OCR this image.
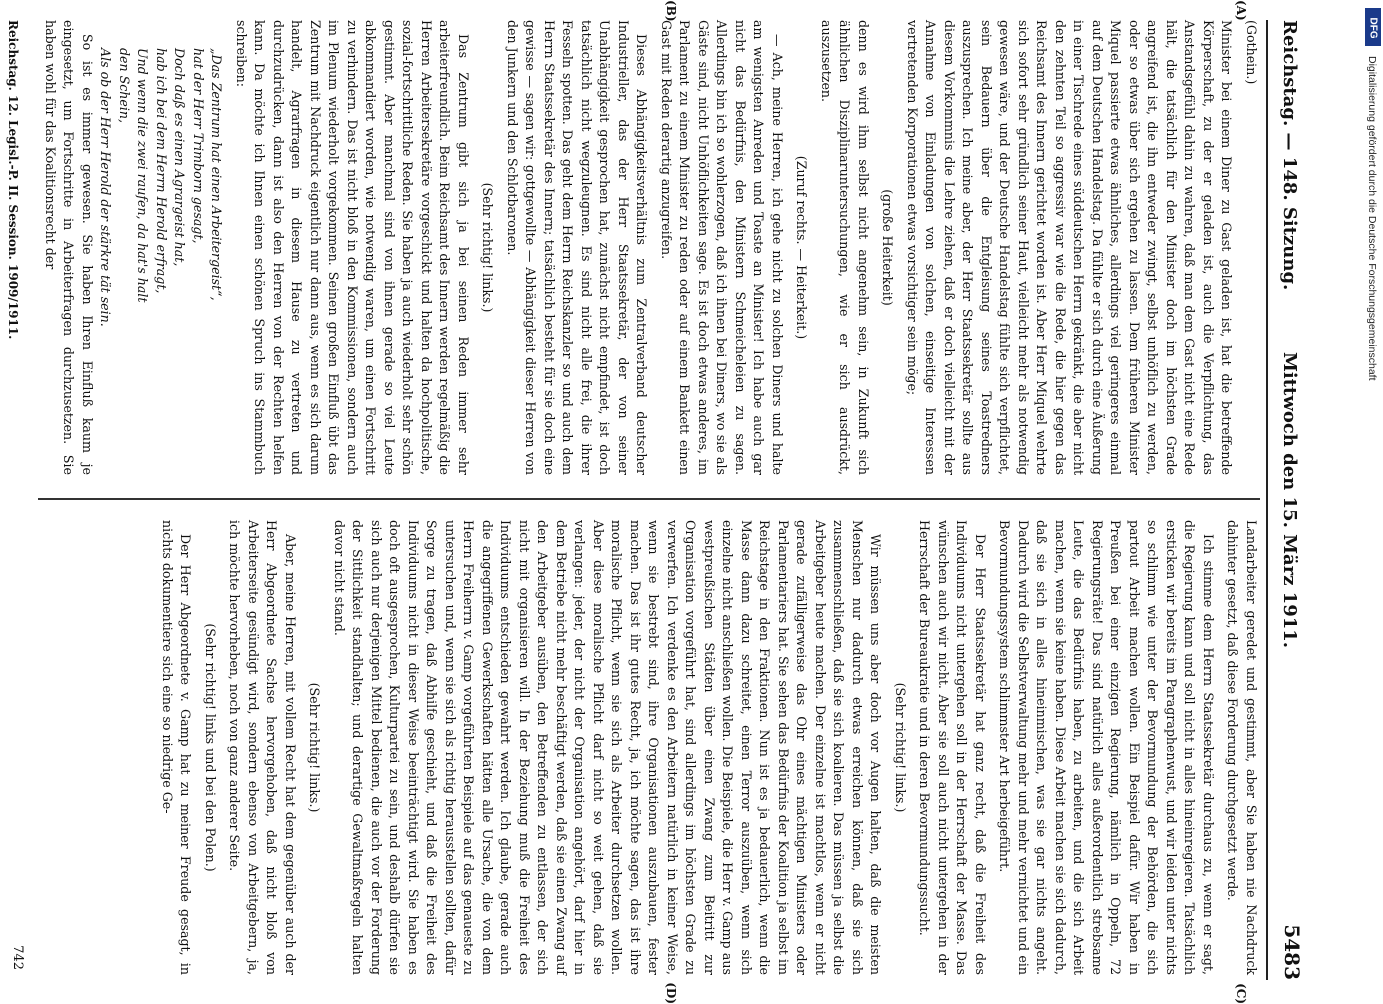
Reichstag. — 148. Sitzung.
Mittwoch den 15. März 1911.
5483
(A)
(B)
(C)
(D)

(Gothein.)

Minister bei einem Diner zu Gast geladen ist, hat die betreffende Körperschaft, zu der er geladen ist, auch die Verpflichtung, das Anstandsgefühl dahin zu wahren, daß man dem Gast nicht eine Rede hält, die tatsächlich für den Minister doch im höchsten Grade angreifend ist, die ihn entweder zwingt, selbst unhöflich zu werden, oder so etwas über sich ergehen zu lassen. Dem früheren Minister Miquel passierte etwas ähnliches, allerdings viel geringeres einmal auf dem Deutschen Handelstag. Da fühlte er sich durch eine Äußerung in einer Tischrede eines süddeutschen Herrn gekränkt, die aber nicht den zehnten Teil so aggressiv war wie die Rede, die hier gegen das Reichsamt des Innern gerichtet worden ist. Aber Herr Miquel wehrte sich sofort sehr gründlich seiner Haut, vielleicht mehr als notwendig gewesen wäre, und der Deutsche Handelstag fühlte sich verpflichtet, sein Bedauern über die Entgleisung seines Toastredners auszusprechen. Ich meine aber, der Herr Staatssekretär sollte aus diesem Vorkommnis die Lehre ziehen, daß er doch vielleicht mit der Annahme von Einladungen von solchen, einseitige Interessen vertretenden Korporationen etwas vorsichtiger sein möge;

(große Heiterkeit)

denn es wird ihm selbst nicht angenehm sein, in Zukunft sich ähnlichen Disziplinaruntersuchungen, wie er sich ausdrückt, auszusetzen.

(Zuruf rechts. — Heiterkeit.)

— Ach, meine Herren, ich gehe nicht zu solchen Diners und halte am wenigsten Anreden und Toaste an Minister! Ich habe auch gar nicht das Bedürfnis, den Ministern Schmeicheleien zu sagen. Allerdings bin ich so wohlerzogen, daß ich ihnen bei Diners, wo sie als Gäste sind, nicht Unhöflichkeiten sage. Es ist doch etwas anderes, im Parlament zu einem Minister zu reden oder auf einem Bankett einen Gast mit Reden derartig anzugreifen.

Dieses Abhängigkeitsverhältnis zum Zentralverband deutscher Industrieller, das der Herr Staatssekretär, der von seiner Unabhängigkeit gesprochen hat, zunächst nicht empfindet, ist doch tatsächlich nicht wegzuleugnen. Es sind nicht alle frei, die ihrer Fesseln spotten. Das geht dem Herrn Reichskanzler so und auch dem Herrn Staatssekretär des Innern; tatsächlich besteht für sie doch eine gewisse — sagen wir: gottgewollte — Abhängigkeit dieser Herren von den Junkern und den Schlotbaronen.

(Sehr richtig! links.)

Das Zentrum gibt sich ja bei seinen Reden immer sehr arbeiterfreundlich. Beim Reichsamt des Innern werden regelmäßig die Herren Arbeitersekretäre vorgeschickt und halten da hochpolitische, sozial-fortschrittliche Reden. Sie haben ja auch wiederholt sehr schön gestimmt. Aber manchmal sind von ihnen gerade so viel Leute abkommandiert worden, wie notwendig waren, um einen Fortschritt zu verhindern. Das ist nicht bloß in den Kommissionen, sondern auch im Plenum wiederholt vorgekommen. Seinen großen Einfluß übt das Zentrum mit Nachdruck eigentlich nur dann aus, wenn es sich darum handelt, Agrarfragen in diesem Hause zu vertreten und durchzudrücken, dann ist also den Herren von der Rechten helfen kann. Da möchte ich Ihnen einen schönen Spruch ins Stammbuch schreiben:

„Das Zentrum hat einen Arbeitergeist“,

hat der Herr Trimborn gesagt,

Doch daß es einen Agrargeist hat,

hab ich bei dem Herrn Herold erfragt,

Und wenn die zwei raufen, da hat's halt

den Schein,

Als ob der Herr Herold der stärkre tät sein.

So ist es immer gewesen. Sie haben Ihren Einfluß kaum je eingesetzt, um Fortschritte in Arbeiterfragen durchzusetzen. Sie haben wohl für das Koalitionsrecht der

Landarbeiter geredet und gestimmt, aber Sie haben nie Nachdruck dahinter gesetzt, daß diese Forderung durchgesetzt werde.

Ich stimme dem Herrn Staatssekretär durchaus zu, wenn er sagt, die Regierung kann und soll nicht in alles hineinregieren. Tatsächlich ersticken wir bereits im Paragraphenwust, und wir leiden unter nichts so schlimm wie unter der Bevormundung der Behörden, die sich partout Arbeit machen wollen. Ein Beispiel dafür. Wir haben in Preußen bei einer einzigen Regierung, nämlich in Oppeln, 72 Regierungsräte! Das sind natürlich alles außerordentlich strebsame Leute, die das Bedürfnis haben, zu arbeiten, und die sich Arbeit machen, wenn sie keine haben. Diese Arbeit machen sie sich dadurch, daß sie sich in alles hineinmischen, was sie gar nichts angeht. Dadurch wird die Selbstverwaltung mehr und mehr vernichtet und ein Bevormundungssystem schlimmster Art herbeigeführt.

Der Herr Staatssekretär hat ganz recht, daß die Freiheit des Individuums nicht untergehen soll in der Herrschaft der Masse. Das wünschen auch wir nicht. Aber sie soll auch nicht untergehen in der Herrschaft der Bureaukratie und in deren Bevormundungssucht.

(Sehr richtig! links.)

Wir müssen uns aber doch vor Augen halten, daß die meisten Menschen nur dadurch etwas erreichen können, daß sie sich zusammenschließen, daß sie sich koalieren. Das müssen ja selbst die Arbeitgeber heute machen. Der einzelne ist machtlos, wenn er nicht gerade zufälligerweise das Ohr eines mächtigen Ministers oder Parlamentariers hat. Sie sehen das Bedürfnis der Koalition ja selbst im Reichstage in den Fraktionen. Nun ist es ja bedauerlich, wenn die Masse dann dazu schreitet, einen Terror auszuüben, wenn sich einzelne nicht anschließen wollen. Die Beispiele, die Herr v. Gamp aus westpreußischen Städten über einen Zwang zum Beitritt zur Organisation vorgeführt hat, sind allerdings im höchsten Grade zu verwerfen. Ich verdenke es den Arbeitern natürlich in keiner Weise, wenn sie bestrebt sind, ihre Organisationen auszubauen, fester machen. Das ist ihr gutes Recht, ja, ich möchte sagen, das ist ihre moralische Pflicht, wenn sie sich als Arbeiter durchsetzen wollen. Aber diese moralische Pflicht darf nicht so weit gehen, daß sie verlangen: jeder, der nicht der Organisation angehört, darf hier in dem Betriebe nicht mehr beschäftigt werden, daß sie einen Zwang auf den Arbeitgeber ausüben, den Betreffenden zu entlassen, der sich nicht mit organisieren will. In der Beziehung muß die Freiheit des Individuums entschieden gewahrt werden. Ich glaube, gerade auch die angegriffenen Gewerkschaften hätten alle Ursache, die von dem Herrn Freiherrn v. Gamp vorgeführten Beispiele auf das genaueste zu untersuchen und, wenn sie sich als richtig herausstellen sollten, dafür Sorge zu tragen, daß Abhilfe geschieht, und daß die Freiheit des Individuums nicht in dieser Weise beeinträchtigt wird. Sie haben es doch oft ausgesprochen, Kulturpartei zu sein, und deshalb dürfen sie sich auch nur derjenigen Mittel bedienen, die auch vor der Forderung der Sittlichkeit standhalten; und derartige Gewaltmaßregeln halten davor nicht stand.

(Sehr richtig! links.)

Aber, meine Herren, mit vollem Recht hat dem gegenüber auch der Herr Abgeordnete Sachse hervorgehoben, daß nicht bloß von Arbeiterseite gesündigt wird, sondern ebenso von Arbeitgebern, ja, ich möchte hervorheben, noch von ganz anderer Seite.

(Sehr richtig! links und bei den Polen.)

Der Herr Abgeordnete v. Gamp hat zu meiner Freude gesagt, in nichts dokumentiere sich eine so niedrige Ge-

Reichstag. 12. Legisl.-P. II. Session. 1909/1911.
742
DFG
Digitalisierung gefördert durch die Deutsche Forschungsgemeinschaft
